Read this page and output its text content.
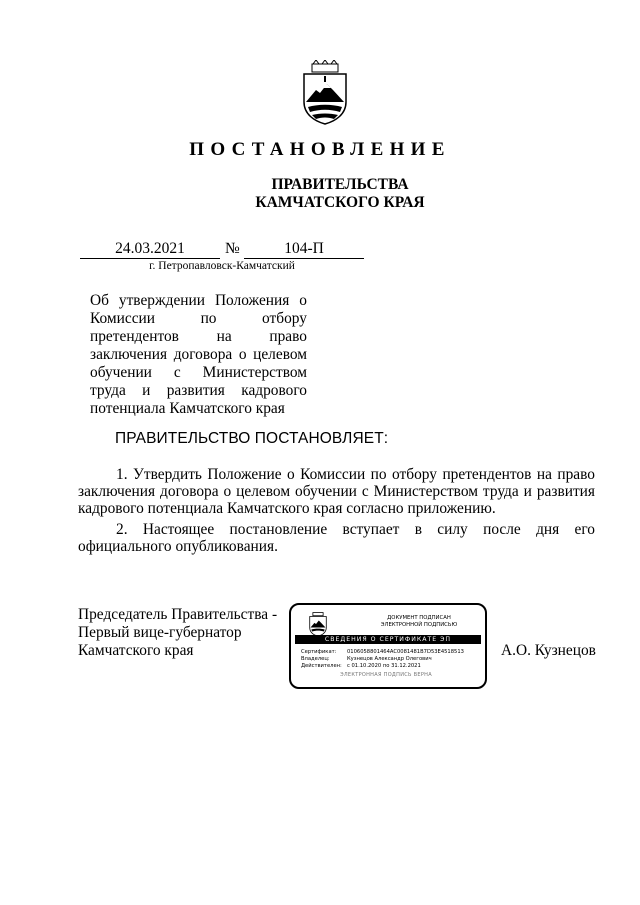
ПОСТАНОВЛЕНИЕ
ПРАВИТЕЛЬСТВА
КАМЧАТСКОГО КРАЯ
24.03.2021	№	104-П
г. Петропавловск-Камчатский
Об утверждении Положения о Комиссии по отбору претендентов на право заключения договора о целевом обучении с Министерством труда и развития кадрового потенциала Камчатского края
ПРАВИТЕЛЬСТВО ПОСТАНОВЛЯЕТ:
1. Утвердить Положение о Комиссии по отбору претендентов на право заключения договора о целевом обучении с Министерством труда и развития кадрового потенциала Камчатского края согласно приложению.
2. Настоящее постановление вступает в силу после дня его официального опубликования.
Председатель Правительства -
Первый вице-губернатор
Камчатского края
ДОКУМЕНТ ПОДПИСАН
ЭЛЕКТРОННОЙ ПОДПИСЬЮ
СВЕДЕНИЯ О СЕРТИФИКАТЕ ЭП
Сертификат: 0106058801464AC0081481B7D53E4518513
Владелец:	Кузнецов Александр Олегович
Действителен: с 01.10.2020 по 31.12.2021
ЭЛЕКТРОННАЯ ПОДПИСЬ ВЕРНА
А.О. Кузнецов
